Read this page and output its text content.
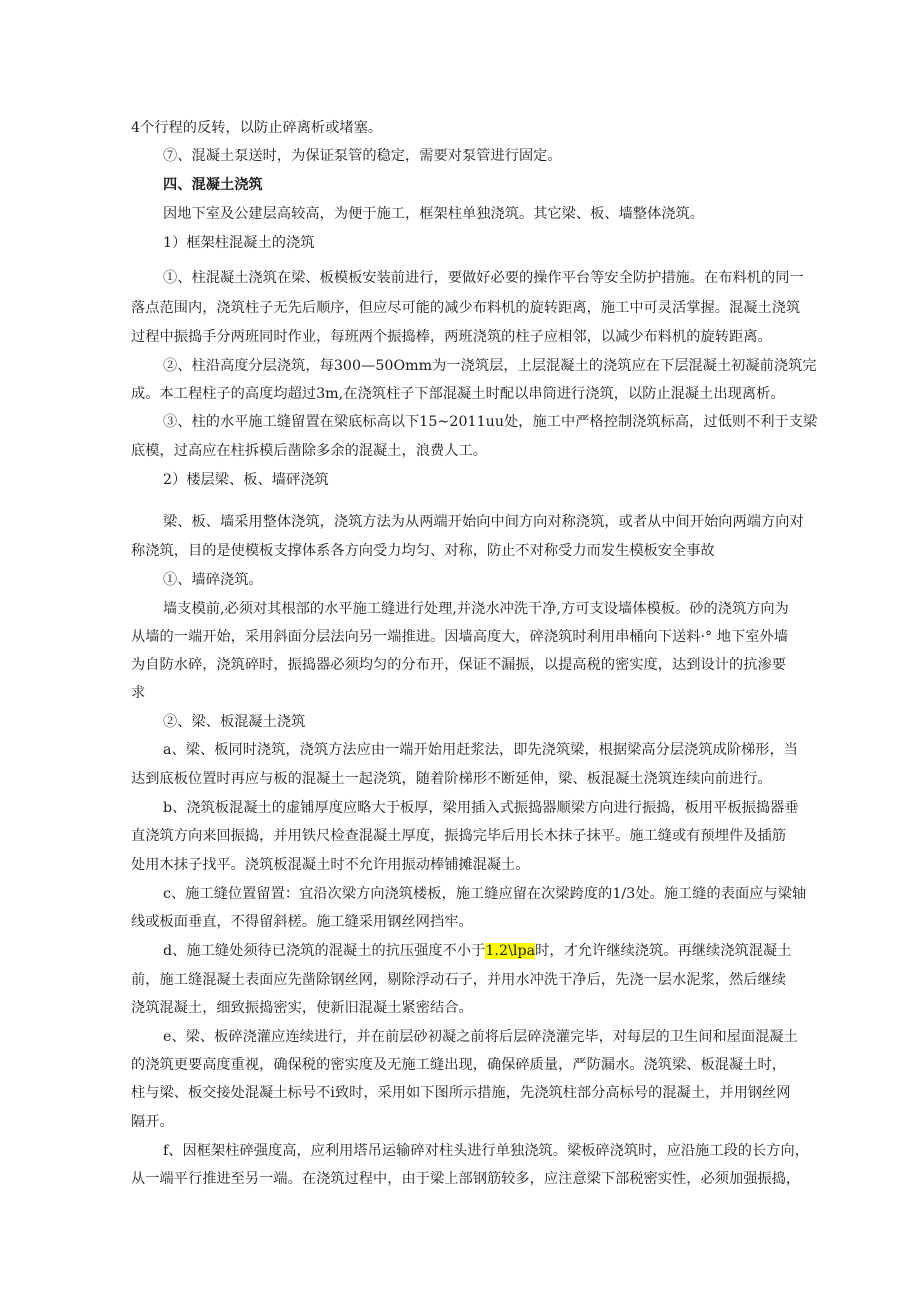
4个行程的反转，以防止碎离析或堵塞。

⑦、混凝土泵送时，为保证泵管的稳定，需要对泵管进行固定。

四、混凝土浇筑

因地下室及公建层高较高，为便于施工，框架柱单独浇筑。其它梁、板、墙整体浇筑。

1）框架柱混凝土的浇筑

①、柱混凝土浇筑在梁、板模板安装前进行，要做好必要的操作平台等安全防护措施。在布料机的同一

落点范围内，浇筑柱子无先后顺序，但应尽可能的减少布料机的旋转距离，施工中可灵活掌握。混凝土浇筑

过程中振捣手分两班同时作业，每班两个振捣棒，两班浇筑的柱子应相邻，以减少布料机的旋转距离。

②、柱沿高度分层浇筑，每300—50Omm为一浇筑层，上层混凝土的浇筑应在下层混凝土初凝前浇筑完

成。本工程柱子的高度均超过3m,在浇筑柱子下部混凝土时配以串筒进行浇筑，以防止混凝土出现离析。

③、柱的水平施工缝留置在梁底标高以下15~2011uu处，施工中严格控制浇筑标高，过低则不利于支梁

底模，过高应在柱拆模后凿除多余的混凝土，浪费人工。

2）楼层梁、板、墙砰浇筑

梁、板、墙采用整体浇筑，浇筑方法为从两端开始向中间方向对称浇筑，或者从中间开始向两端方向对

称浇筑，目的是使模板支撑体系各方向受力均匀、对称，防止不对称受力而发生模板安全事故

①、墙碎浇筑。

墙支模前,必须对其根部的水平施工缝进行处理,并浇水冲洗干净,方可支设墙体模板。砂的浇筑方向为

从墙的一端开始，采用斜面分层法向另一端推进。因墙高度大，碎浇筑时利用串桶向下送料·° 地下室外墙

为自防水碎，浇筑碎时，振捣器必须均匀的分布开，保证不漏振，以提高税的密实度，达到设计的抗渗要

求

②、梁、板混凝土浇筑

a、梁、板同时浇筑，浇筑方法应由一端开始用赶浆法，即先浇筑梁，根据梁高分层浇筑成阶梯形，当

达到底板位置时再应与板的混凝土一起浇筑，随着阶梯形不断延伸，梁、板混凝土浇筑连续向前进行。

b、浇筑板混凝土的虚铺厚度应略大于板厚，梁用插入式振捣器顺梁方向进行振捣，板用平板振捣器垂

直浇筑方向来回振捣，并用铁尺检查混凝土厚度，振捣完毕后用长木抹子抹平。施工缝或有预埋件及插筋

处用木抹子找平。浇筑板混凝土时不允许用振动棒铺摊混凝土。

c、施工缝位置留置：宜沿次梁方向浇筑楼板，施工缝应留在次梁跨度的1/3处。施工缝的表面应与梁轴

线或板面垂直，不得留斜槎。施工缝采用钢丝网挡牢。

d、施工缝处须待已浇筑的混凝土的抗压强度不小于1.2\lpa时，才允许继续浇筑。再继续浇筑混凝土

前，施工缝混凝土表面应先凿除钢丝网，剔除浮动石子，并用水冲洗干净后，先浇一层水泥浆，然后继续

浇筑混凝土，细致振捣密实，使新旧混凝土紧密结合。

e、梁、板碎浇灌应连续进行，并在前层砂初凝之前将后层碎浇灌完毕，对每层的卫生间和屋面混凝土

的浇筑更要高度重视，确保税的密实度及无施工缝出现，确保碎质量，严防漏水。浇筑梁、板混凝土时，

柱与梁、板交接处混凝土标号不i致时，采用如下图所示措施，先浇筑柱部分高标号的混凝土，并用钢丝网

隔开。

f、因框架柱碎强度高，应利用塔吊运输碎对柱头进行单独浇筑。梁板碎浇筑时，应沿施工段的长方向，

从一端平行推进至另一端。在浇筑过程中，由于梁上部钢筋较多，应注意梁下部税密实性，必须加强振捣，
